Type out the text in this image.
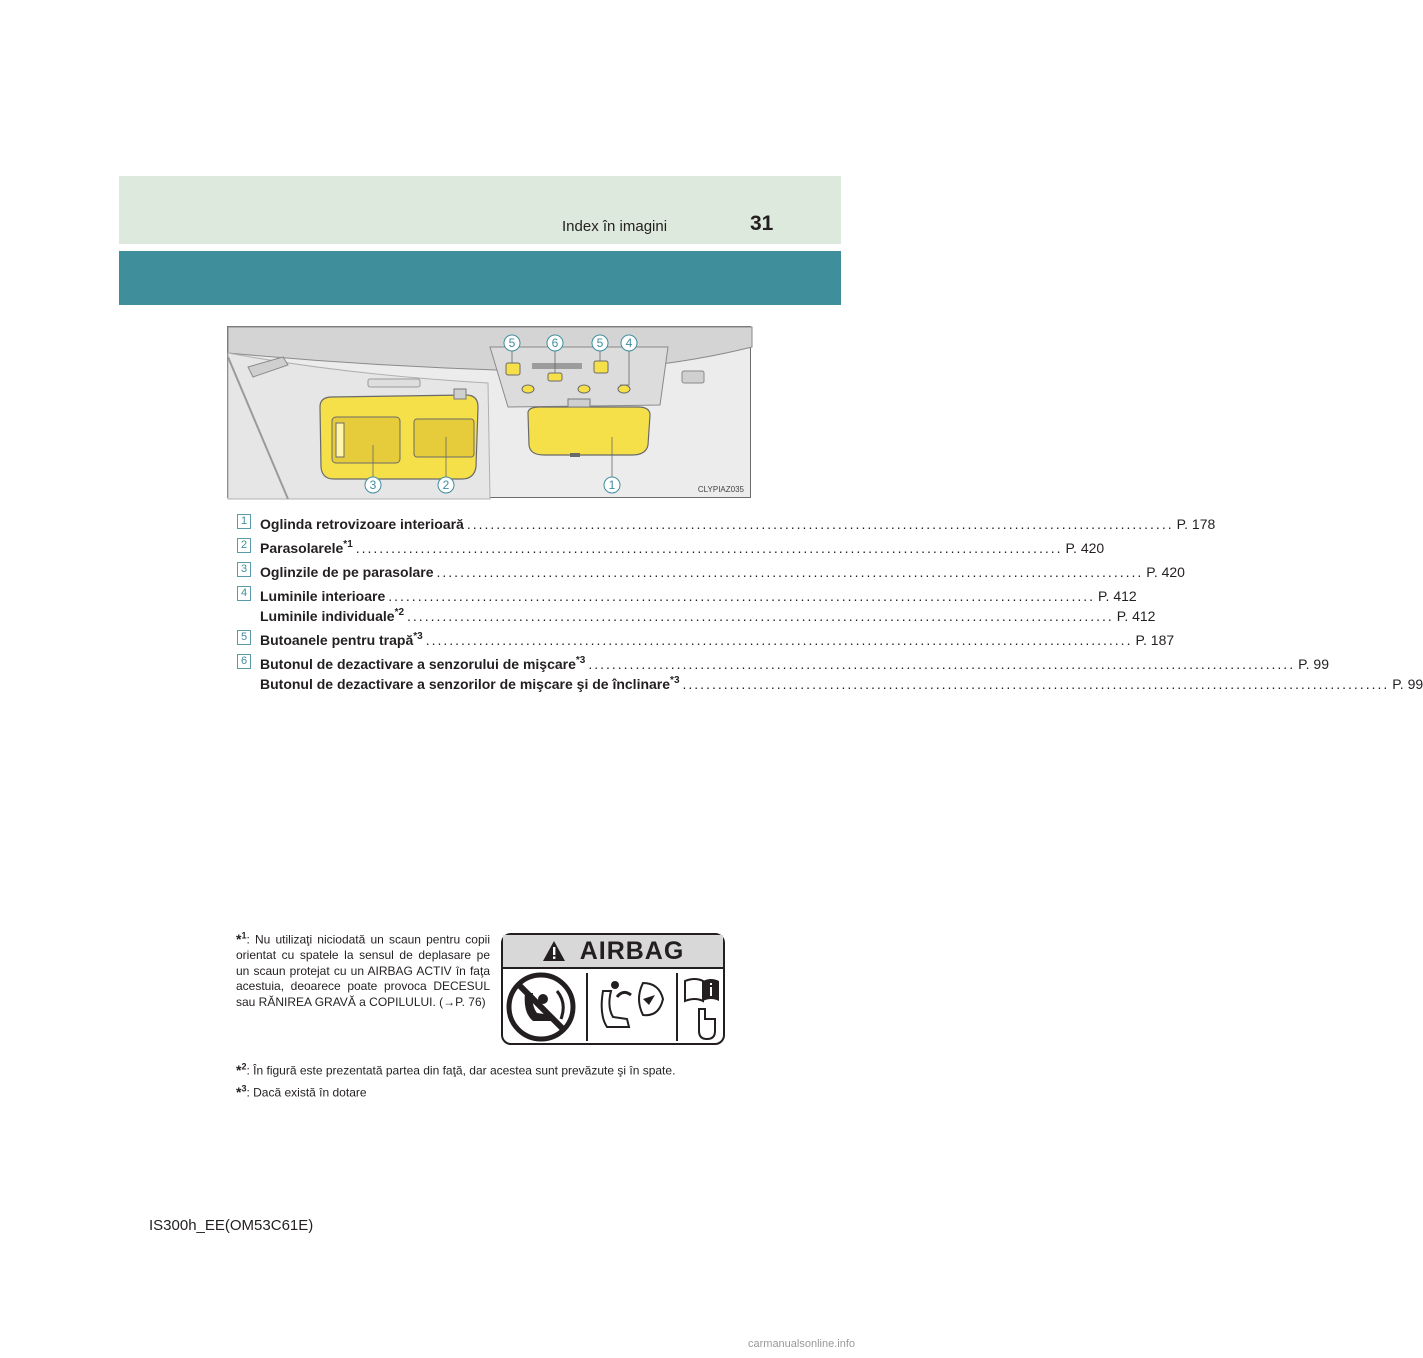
Index în imagini	31
5	6	5 4
3	2	1	CLYPIAZ035
1 Oglinda retrovizoare interioară ........................................................................................................................ P. 178
2 Parasolarele$^{*1}$ ........................................................................................................................ P. 420
3 Oglinzile de pe parasolare ........................................................................................................................ P. 420
4 Luminile interioare ........................................................................................................................ P. 412
Luminile individuale$^{*2}$ ........................................................................................................................ P. 412
5 Butoanele pentru trapă$^{*3}$ ........................................................................................................................ P. 187
6 Butonul de dezactivare a senzorului de mişcare$^{*3}$ ........................................................................................................................ P. 99
Butonul de dezactivare a senzorilor de mişcare şi de înclinare$^{*3}$ ........................................................................................................................ P. 99
*$^1$: Nu utilizaţi niciodată un scaun pentru copii orientat cu spatele la sensul de deplasare pe un scaun protejat cu un AIRBAG ACTIV în faţa acestuia, deoarece poate provoca DECESUL sau RĂNIREA GRAVĂ a COPILULUI. (→P. 76)
AIRBAG
*$^2$: În figură este prezentată partea din faţă, dar acestea sunt prevăzute şi în spate.
*$^3$: Dacă există în dotare
IS300h_EE(OM53C61E)
carmanualsonline.info
